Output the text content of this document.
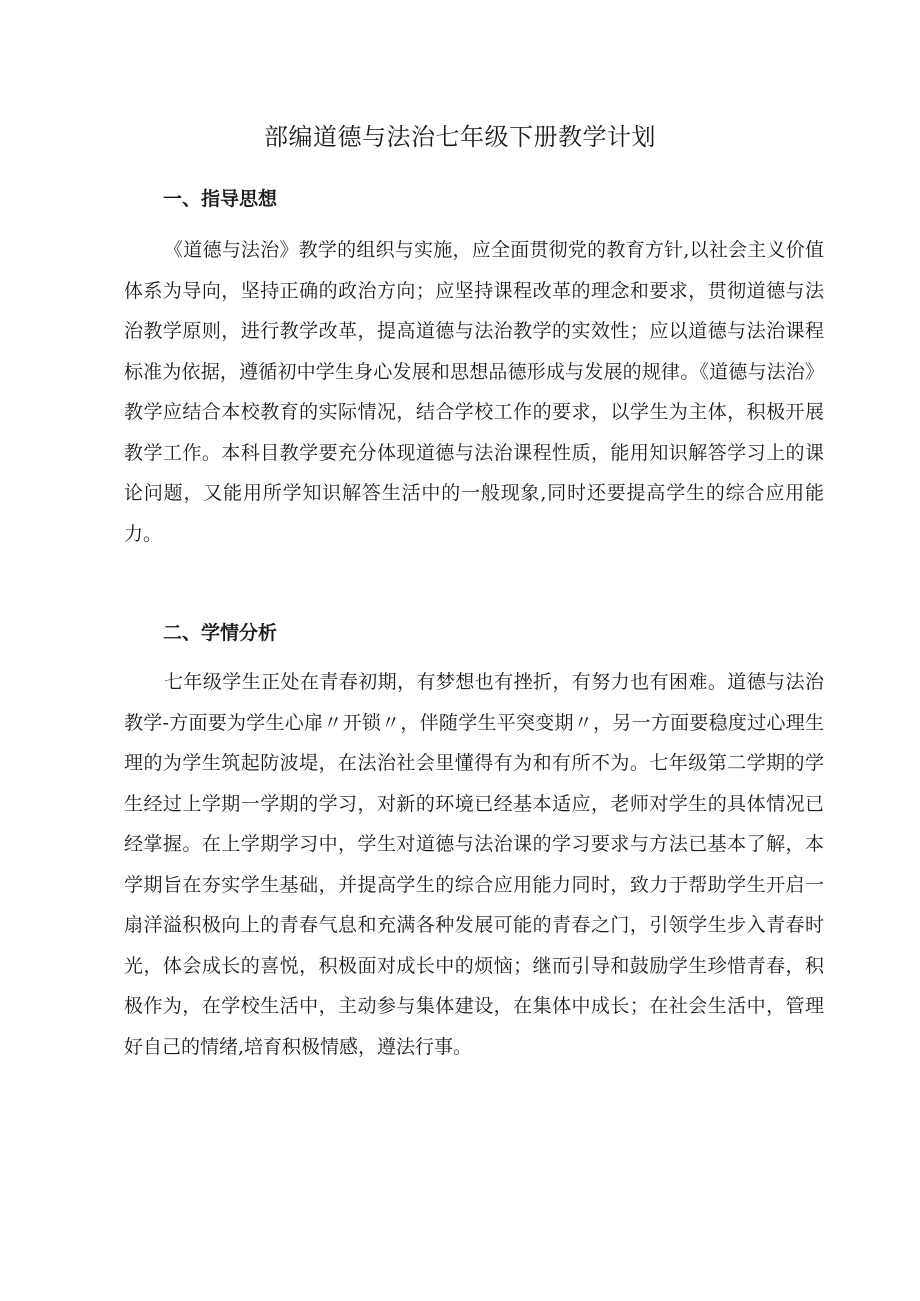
部编道德与法治七年级下册教学计划
一、指导思想

《道德与法治》教学的组织与实施，应全面贯彻党的教育方针,以社会主义价值体系为导向，坚持正确的政治方向；应坚持课程改革的理念和要求，贯彻道德与法治教学原则，进行教学改革，提高道德与法治教学的实效性；应以道德与法治课程标准为依据，遵循初中学生身心发展和思想品德形成与发展的规律。《道德与法治》教学应结合本校教育的实际情况，结合学校工作的要求，以学生为主体，积极开展教学工作。本科目教学要充分体现道德与法治课程性质，能用知识解答学习上的课论问题，又能用所学知识解答生活中的一般现象,同时还要提高学生的综合应用能力。

二、学情分析

七年级学生正处在青春初期，有梦想也有挫折，有努力也有困难。道德与法治教学-方面要为学生心扉〃开锁〃，伴随学生平突变期〃，另一方面要稳度过心理生理的为学生筑起防波堤，在法治社会里懂得有为和有所不为。七年级第二学期的学生经过上学期一学期的学习，对新的环境已经基本适应，老师对学生的具体情况已经掌握。在上学期学习中，学生对道德与法治课的学习要求与方法已基本了解，本学期旨在夯实学生基础，并提高学生的综合应用能力同时，致力于帮助学生开启一扇洋溢积极向上的青春气息和充满各种发展可能的青春之门，引领学生步入青春时光，体会成长的喜悦，积极面对成长中的烦恼；继而引导和鼓励学生珍惜青春，积极作为，在学校生活中，主动参与集体建设，在集体中成长；在社会生活中，管理好自己的情绪,培育积极情感，遵法行事。
